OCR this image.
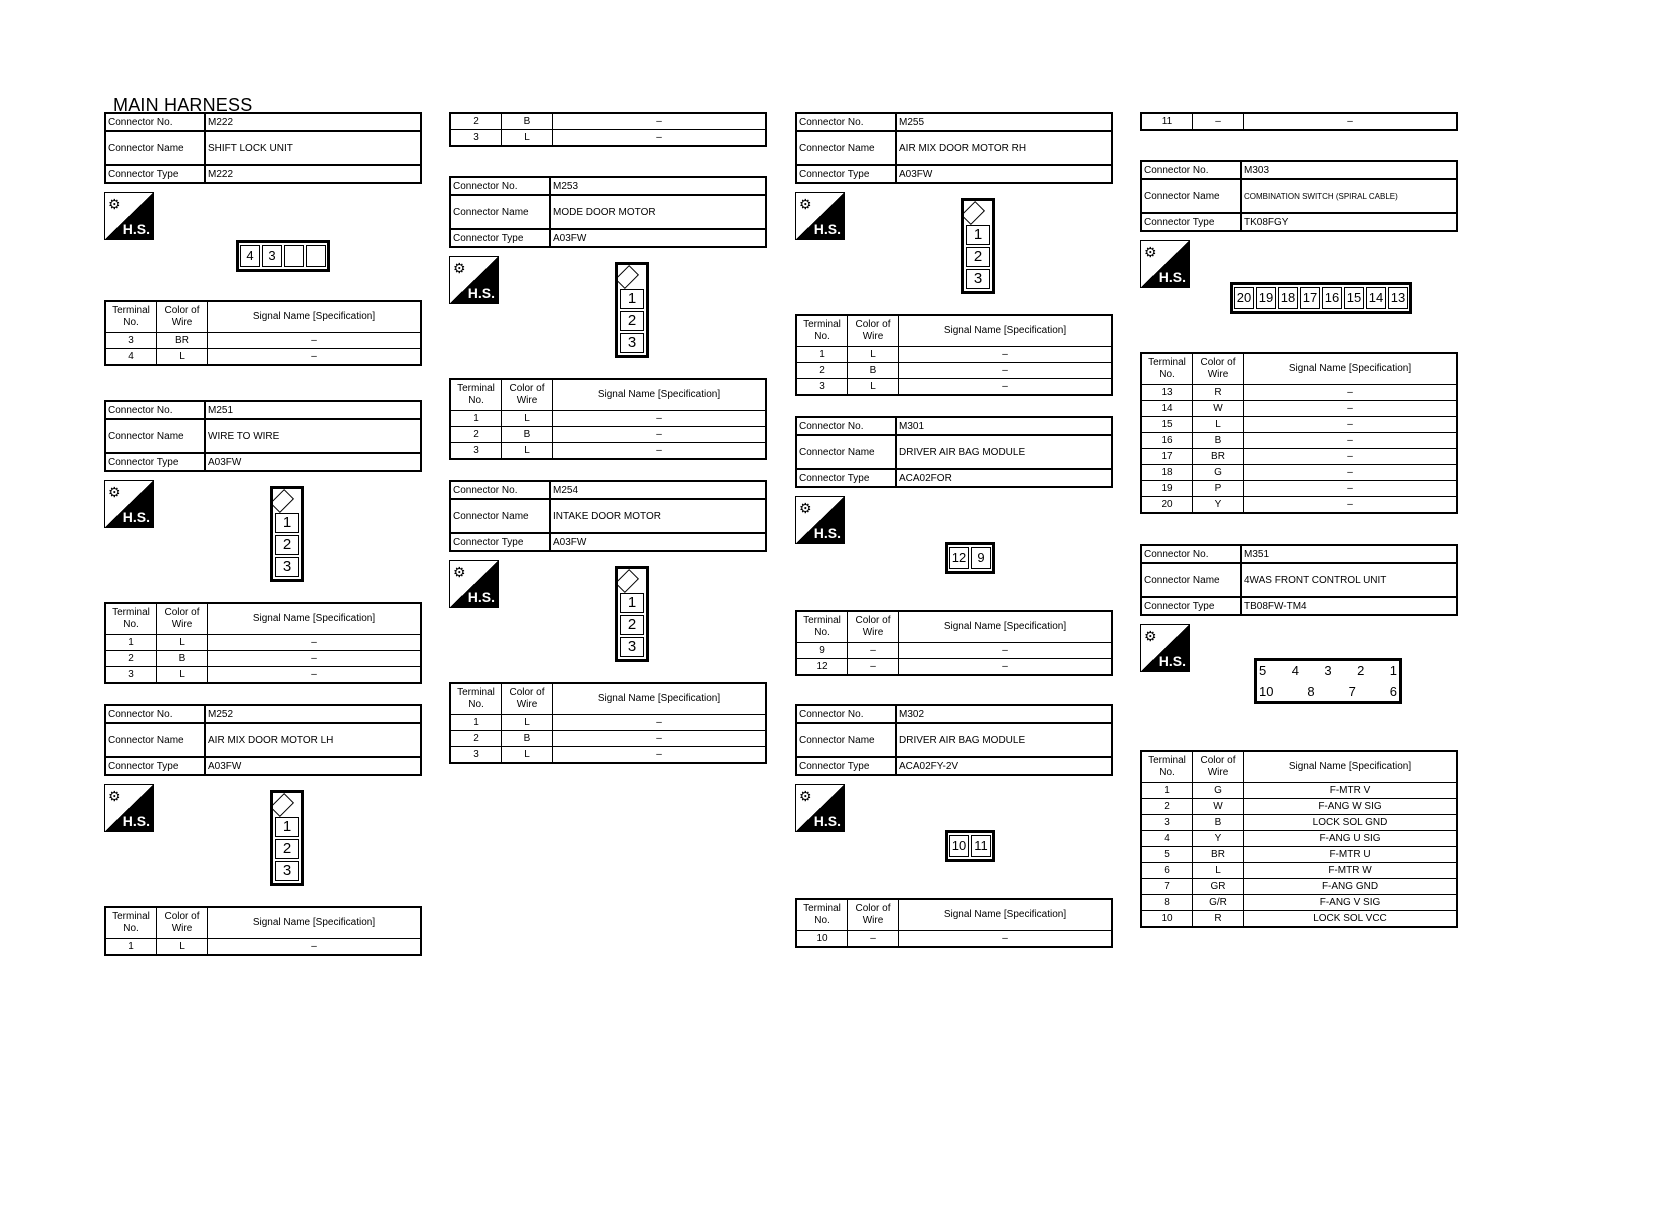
MAIN HARNESS
Connector No.	M222
Connector Name	SHIFT LOCK UNIT
Connector Type	M222
⚙
H.S.
4	3
Terminal No.	Color of Wire	Signal Name [Specification]
3	BR	–
4	L	–
Connector No.	M251
Connector Name	WIRE TO WIRE
Connector Type	A03FW
⚙
H.S.	1
2
3
Terminal No.	Color of Wire	Signal Name [Specification]
1	L	–
2	B	–
3	L	–
Connector No.	M252
Connector Name	AIR MIX DOOR MOTOR LH
Connector Type	A03FW
⚙
H.S.	1
2
3
Terminal No.	Color of Wire	Signal Name [Specification]
1	L	–
2	B	–
3	L	–
Connector No.	M253
Connector Name	MODE DOOR MOTOR
Connector Type	A03FW
⚙
H.S.	1
2
3
Terminal No.	Color of Wire	Signal Name [Specification]
1	L	–
2	B	–
3	L	–
Connector No.	M254
Connector Name	INTAKE DOOR MOTOR
Connector Type	A03FW
⚙
H.S.	1
2
3
Terminal No.	Color of Wire	Signal Name [Specification]
1	L	–
2	B	–
3	L	–
Connector No.	M255
Connector Name	AIR MIX DOOR MOTOR RH
Connector Type	A03FW
⚙
H.S.	1
2
3
Terminal No.	Color of Wire	Signal Name [Specification]
1	L	–
2	B	–
3	L	–
Connector No.	M301
Connector Name	DRIVER AIR BAG MODULE
Connector Type	ACA02FOR
⚙
H.S.
12 9
Terminal No.	Color of Wire	Signal Name [Specification]
9	–	–
12	–	–
Connector No.	M302
Connector Name	DRIVER AIR BAG MODULE
Connector Type	ACA02FY-2V
⚙
H.S.
10 11
Terminal No.	Color of Wire	Signal Name [Specification]
10	–	–
11	–	–
Connector No.	M303
Connector Name	COMBINATION SWITCH (SPIRAL CABLE)
Connector Type	TK08FGY
⚙
H.S.
20 19 18 17 16 15 14 13
Terminal No.	Color of Wire	Signal Name [Specification]
13	R	–
14	W	–
15	L	–
16	B	–
17	BR	–
18	G	–
19	P	–
20	Y	–
Connector No.	M351
Connector Name	4WAS FRONT CONTROL UNIT
Connector Type	TB08FW-TM4
⚙
H.S.
5 4 3 2 1
10	8	7	6
Terminal No.	Color of Wire	Signal Name [Specification]
1	G	F-MTR V
2	W	F-ANG W SIG
3	B	LOCK SOL GND
4	Y	F-ANG U SIG
5	BR	F-MTR U
6	L	F-MTR W
7	GR	F-ANG GND
8	G/R	F-ANG V SIG
10	R	LOCK SOL VCC
